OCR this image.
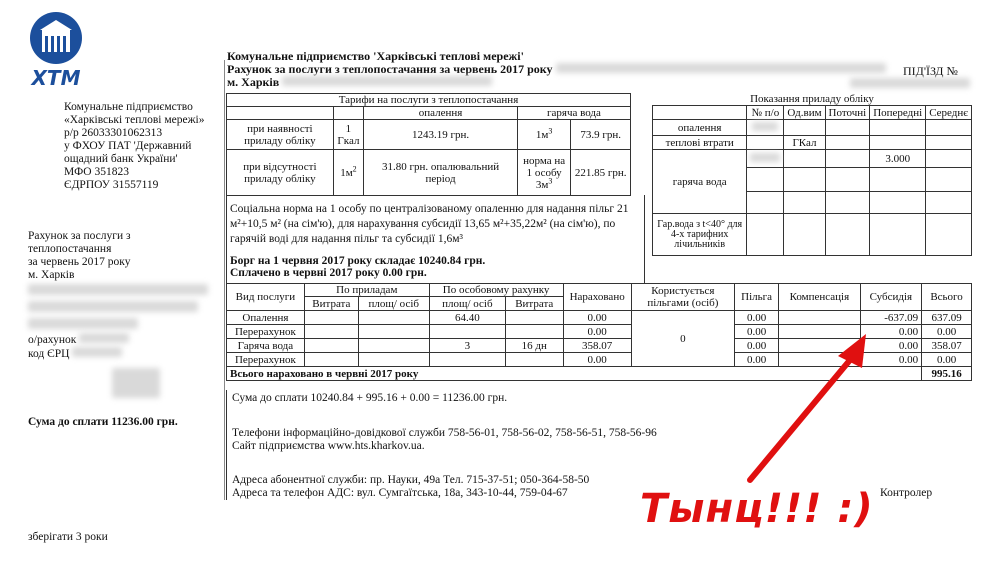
ХТМ
Комунальне підприємство
«Харківські теплові мережі»
р/р 26033301062313
у ФХОУ ПАТ 'Державний
ощадний банк України'
МФО 351823
ЄДРПОУ 31557119
Рахунок за послуги з
теплопостачання
за червень 2017 року
м. Харків
о/рахунок
код ЄРЦ
Сума до сплати 11236.00 грн.
зберігати 3 роки
Комунальне підприємство 'Харківські теплові мережі'
Рахунок за послуги з теплопостачання за червень 2017 року
м. Харків
ПІД'ЇЗД №
Тарифи на послуги з теплопостачання				
		опалення	гаряча вода	
при наявності приладу обліку	1 Гкал	1243.19 грн.	$1м^3$	73.9 грн.
при відсутності приладу обліку	$1м^2$	31.80 грн. опалювальний період	норма на 1 особу $3м^3$	221.85 грн.
Показання приладу обліку					
	№ п/о	Од.вим	Поточні	Попередні	Середнє
опалення					
теплові втрати		ГКал			
гаряча вода				3.000	

Гар.вода з t<40° для 4-х тарифних лічильників					
Соціальна норма на 1 особу по централізованому опаленню для надання пільг 21 м²+10,5 м² (на сім'ю), для нарахування субсидії 13,65 м²+35,22м² (на сім'ю), по гарячій воді для надання пільг та субсидії 1,6м³
Борг на 1 червня 2017 року складає 10240.84 грн.
Сплачено в червні 2017 року 0.00 грн.
Вид послуги	По приладам		По особовому рахунку		Нараховано	Користується пільгами (осіб)	Пільга	Компенсація	Субсидія	Всього
	Витрата	площ/ осіб	площ/ осіб	Витрата						
Опалення			64.40		0.00	0	0.00		-637.09	637.09
Перерахунок					0.00		0.00		0.00	0.00
Гаряча вода			3	16 дн	358.07		0.00		0.00	358.07
Перерахунок					0.00		0.00		0.00	0.00
Всього нараховано в червні 2017 року										995.16
Сума до сплати 10240.84 + 995.16 + 0.00 = 11236.00 грн.
Телефони інформаційно-довідкової служби 758-56-01, 758-56-02, 758-56-51, 758-56-96
Сайт підприємства www.hts.kharkov.ua.
Адреса абонентної служби: пр. Науки, 49а Тел. 715-37-51; 050-364-58-50
Адреса та телефон АДС: вул. Сумгаїтська, 18а, 343-10-44, 759-04-67	Контролер
Тынц!!! :)
